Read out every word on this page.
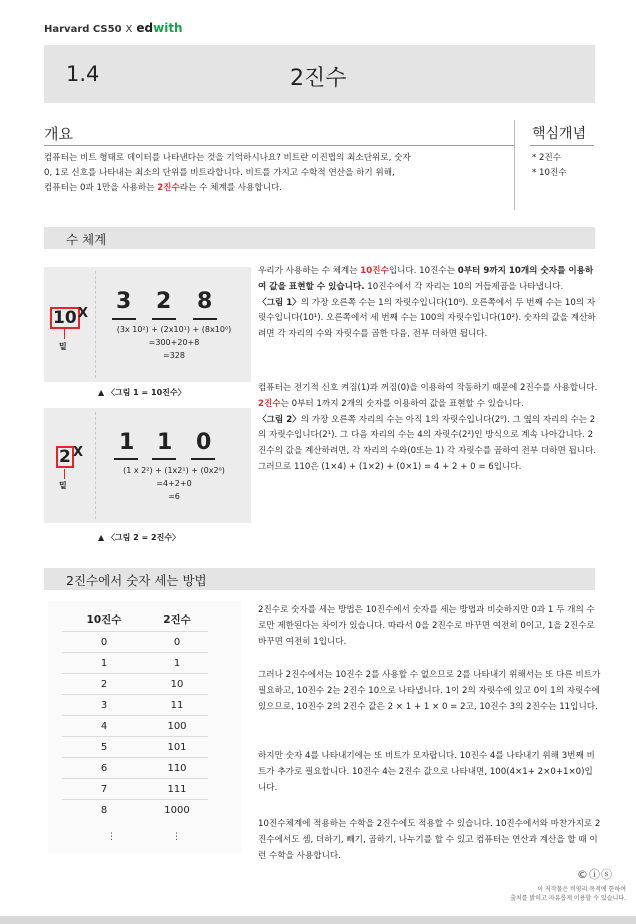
Harvard CS50 X edwith
1.4	2진수
개요
컴퓨터는 비트 형태로 데이터를 나타낸다는 것을 기억하시나요? 비트란 이진법의 최소단위로, 숫자
0, 1로 신호를 나타내는 최소의 단위를 비트라합니다. 비트를 가지고 수학적 연산을 하기 위해,
컴퓨터는 0과 1만을 사용하는 2진수라는 수 체계를 사용합니다.
핵심개념
* 2진수
* 10진수
수 체계
10 X
밑
3 2 8
(3x 10²) + (2x10¹) + (8x10⁰)
=300+20+8
=328
▲ 〈그림 1 = 10진수〉
2 X
밑
1 1 0
(1 x 2²) + (1x2¹) + (0x2⁰)
=4+2+0
=6
▲ 〈그림 2 = 2진수〉
우리가 사용하는 수 체계는 10진수입니다. 10진수는 0부터 9까지 10개의 숫자를 이용하여 값을 표현할 수 있습니다. 10진수에서 각 자리는 10의 거듭제곱을 나타냅니다.
〈그림 1〉의 가장 오른쪽 수는 1의 자릿수입니다(10⁰). 오른쪽에서 두 번째 수는 10의 자릿수입니다(10¹). 오른쪽에서 세 번째 수는 100의 자릿수입니다(10²). 숫자의 값을 계산하려면 각 자리의 수와 자릿수를 곱한 다음, 전부 더하면 됩니다.
컴퓨터는 전기적 신호 켜짐(1)과 꺼짐(0)을 이용하여 작동하기 때문에 2진수를 사용합니다. 2진수는 0부터 1까지 2개의 숫자를 이용하여 값을 표현할 수 있습니다.
〈그림 2〉의 가장 오른쪽 자리의 수는 아직 1의 자릿수입니다(2⁰). 그 옆의 자리의 수는 2의 자릿수입니다(2¹). 그 다음 자리의 수는 4의 자릿수(2²)인 방식으로 계속 나아갑니다. 2진수의 값을 계산하려면, 각 자리의 수와(0또는 1) 각 자릿수를 곱하여 전부 더하면 됩니다.
그러므로 110은 (1×4) + (1×2) + (0×1) = 4 + 2 + 0 = 6입니다.
2진수에서 숫자 세는 방법
10진수	2진수
0	0
1	1
2	10
3	11
4	100
5	101
6	110
7	111
8	1000
⋮	⋮
2진수로 숫자를 세는 방법은 10진수에서 숫자를 세는 방법과 비슷하지만 0과 1 두 개의 수로만 제한된다는 차이가 있습니다. 따라서 0을 2진수로 바꾸면 여전히 0이고, 1을 2진수로 바꾸면 여전히 1입니다.
그러나 2진수에서는 10진수 2를 사용할 수 없으므로 2를 나타내기 위해서는 또 다른 비트가 필요하고, 10진수 2는 2진수 10으로 나타냅니다. 1이 2의 자릿수에 있고 0이 1의 자릿수에 있으므로, 10진수 2의 2진수 값은 2 × 1 + 1 × 0 = 2고, 10진수 3의 2진수는 11입니다.
하지만 숫자 4를 나타내기에는 또 비트가 모자랍니다. 10진수 4를 나타내기 위해 3번째 비트가 추가로 필요합니다. 10진수 4는 2진수 값으로 나타내면, 100(4×1+ 2×0+1×0)입니다.
10진수체계에 적용하는 수학을 2진수에도 적용할 수 있습니다. 10진수에서와 마찬가지로 2진수에서도 셈, 더하기, 빼기, 곱하기, 나누기를 할 수 있고 컴퓨터는 연산과 계산을 할 때 이런 수학을 사용합니다.
©ⓘⓢ
이 저작물은 비영리 목적에 한하여
출처를 밝히고 자유롭게 이용할 수 있습니다.
